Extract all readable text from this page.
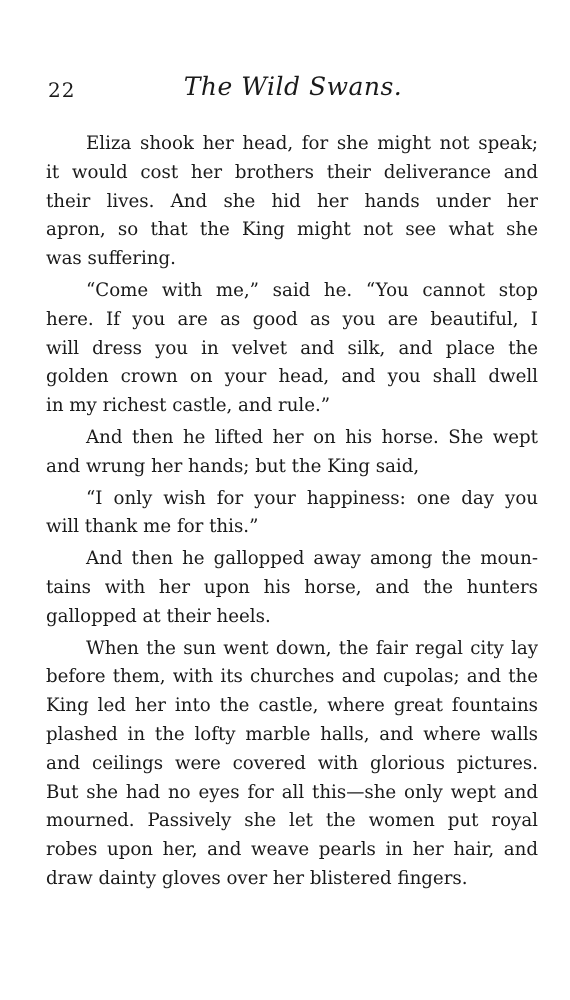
22	The Wild Swans.
Eliza shook her head, for she might not speak;
it would cost her brothers their deliverance and
their lives. And she hid her hands under her
apron, so that the King might not see what she
was suffering.
“Come with me,” said he. “You cannot stop
here. If you are as good as you are beautiful, I
will dress you in velvet and silk, and place the
golden crown on your head, and you shall dwell
in my richest castle, and rule.”
And then he lifted her on his horse. She wept
and wrung her hands; but the King said,
“I only wish for your happiness: one day you
will thank me for this.”
And then he gallopped away among the moun-
tains with her upon his horse, and the hunters
gallopped at their heels.
When the sun went down, the fair regal city lay
before them, with its churches and cupolas; and the
King led her into the castle, where great fountains
plashed in the lofty marble halls, and where walls
and ceilings were covered with glorious pictures.
But she had no eyes for all this—she only wept and
mourned. Passively she let the women put royal
robes upon her, and weave pearls in her hair, and
draw dainty gloves over her blistered fingers.
